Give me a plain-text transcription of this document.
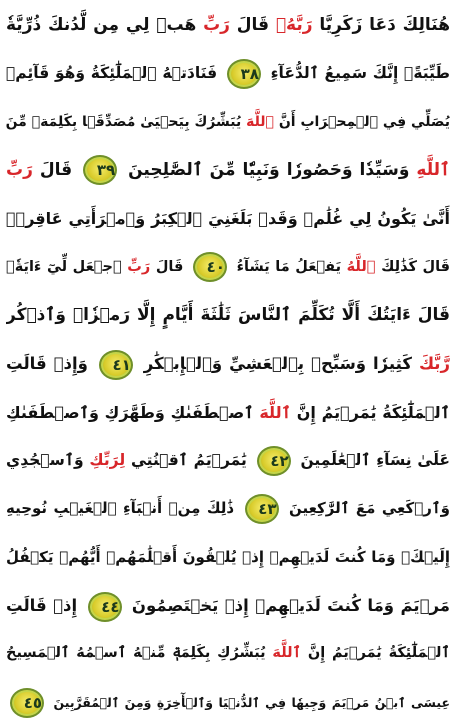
هُنَالِكَ دَعَا زَكَرِيَّا رَبَّهُۥ قَالَ رَبِّ هَبۡ لِي مِن لَّدُنكَ ذُرِّيَّةٗ
طَيِّبَةًۖ إِنَّكَ سَمِيعُ ٱلدُّعَآءِ ٣٨ فَنَادَتۡهُ ٱلۡمَلَٰٓئِكَةُ وَهُوَ قَآئِمٞ
يُصَلِّي فِي ٱلۡمِحۡرَابِ أَنَّ ٱللَّهَ يُبَشِّرُكَ بِيَحۡيَىٰ مُصَدِّقَۢا بِكَلِمَةٖ مِّنَ
ٱللَّهِ وَسَيِّدٗا وَحَصُورٗا وَنَبِيّٗا مِّنَ ٱلصَّٰلِحِينَ ٣٩ قَالَ رَبِّ
أَنَّىٰ يَكُونُ لِي غُلَٰمٞ وَقَدۡ بَلَغَنِيَ ٱلۡكِبَرُ وَٱمۡرَأَتِي عَاقِرٞۖ
قَالَ كَذَٰلِكَ ٱللَّهُ يَفۡعَلُ مَا يَشَآءُ ٤٠ قَالَ رَبِّ ٱجۡعَل لِّيٓ ءَايَةٗۖ
قَالَ ءَايَتُكَ أَلَّا تُكَلِّمَ ٱلنَّاسَ ثَلَٰثَةَ أَيَّامٍ إِلَّا رَمۡزٗاۗ وَٱذۡكُر
رَّبَّكَ كَثِيرٗا وَسَبِّحۡ بِٱلۡعَشِيِّ وَٱلۡإِبۡكَٰرِ ٤١ وَإِذۡ قَالَتِ
ٱلۡمَلَٰٓئِكَةُ يَٰمَرۡيَمُ إِنَّ ٱللَّهَ ٱصۡطَفَىٰكِ وَطَهَّرَكِ وَٱصۡطَفَىٰكِ
عَلَىٰ نِسَآءِ ٱلۡعَٰلَمِينَ ٤٢ يَٰمَرۡيَمُ ٱقۡنُتِي لِرَبِّكِ وَٱسۡجُدِي
وَٱرۡكَعِي مَعَ ٱلرَّٰكِعِينَ ٤٣ ذَٰلِكَ مِنۡ أَنۢبَآءِ ٱلۡغَيۡبِ نُوحِيهِ
إِلَيۡكَۚ وَمَا كُنتَ لَدَيۡهِمۡ إِذۡ يُلۡقُونَ أَقۡلَٰمَهُمۡ أَيُّهُمۡ يَكۡفُلُ
مَرۡيَمَ وَمَا كُنتَ لَدَيۡهِمۡ إِذۡ يَخۡتَصِمُونَ ٤٤ إِذۡ قَالَتِ
ٱلۡمَلَٰٓئِكَةُ يَٰمَرۡيَمُ إِنَّ ٱللَّهَ يُبَشِّرُكِ بِكَلِمَةٖ مِّنۡهُ ٱسۡمُهُ ٱلۡمَسِيحُ
عِيسَى ٱبۡنُ مَرۡيَمَ وَجِيهٗا فِي ٱلدُّنۡيَا وَٱلۡأٓخِرَةِ وَمِنَ ٱلۡمُقَرَّبِينَ ٤٥
